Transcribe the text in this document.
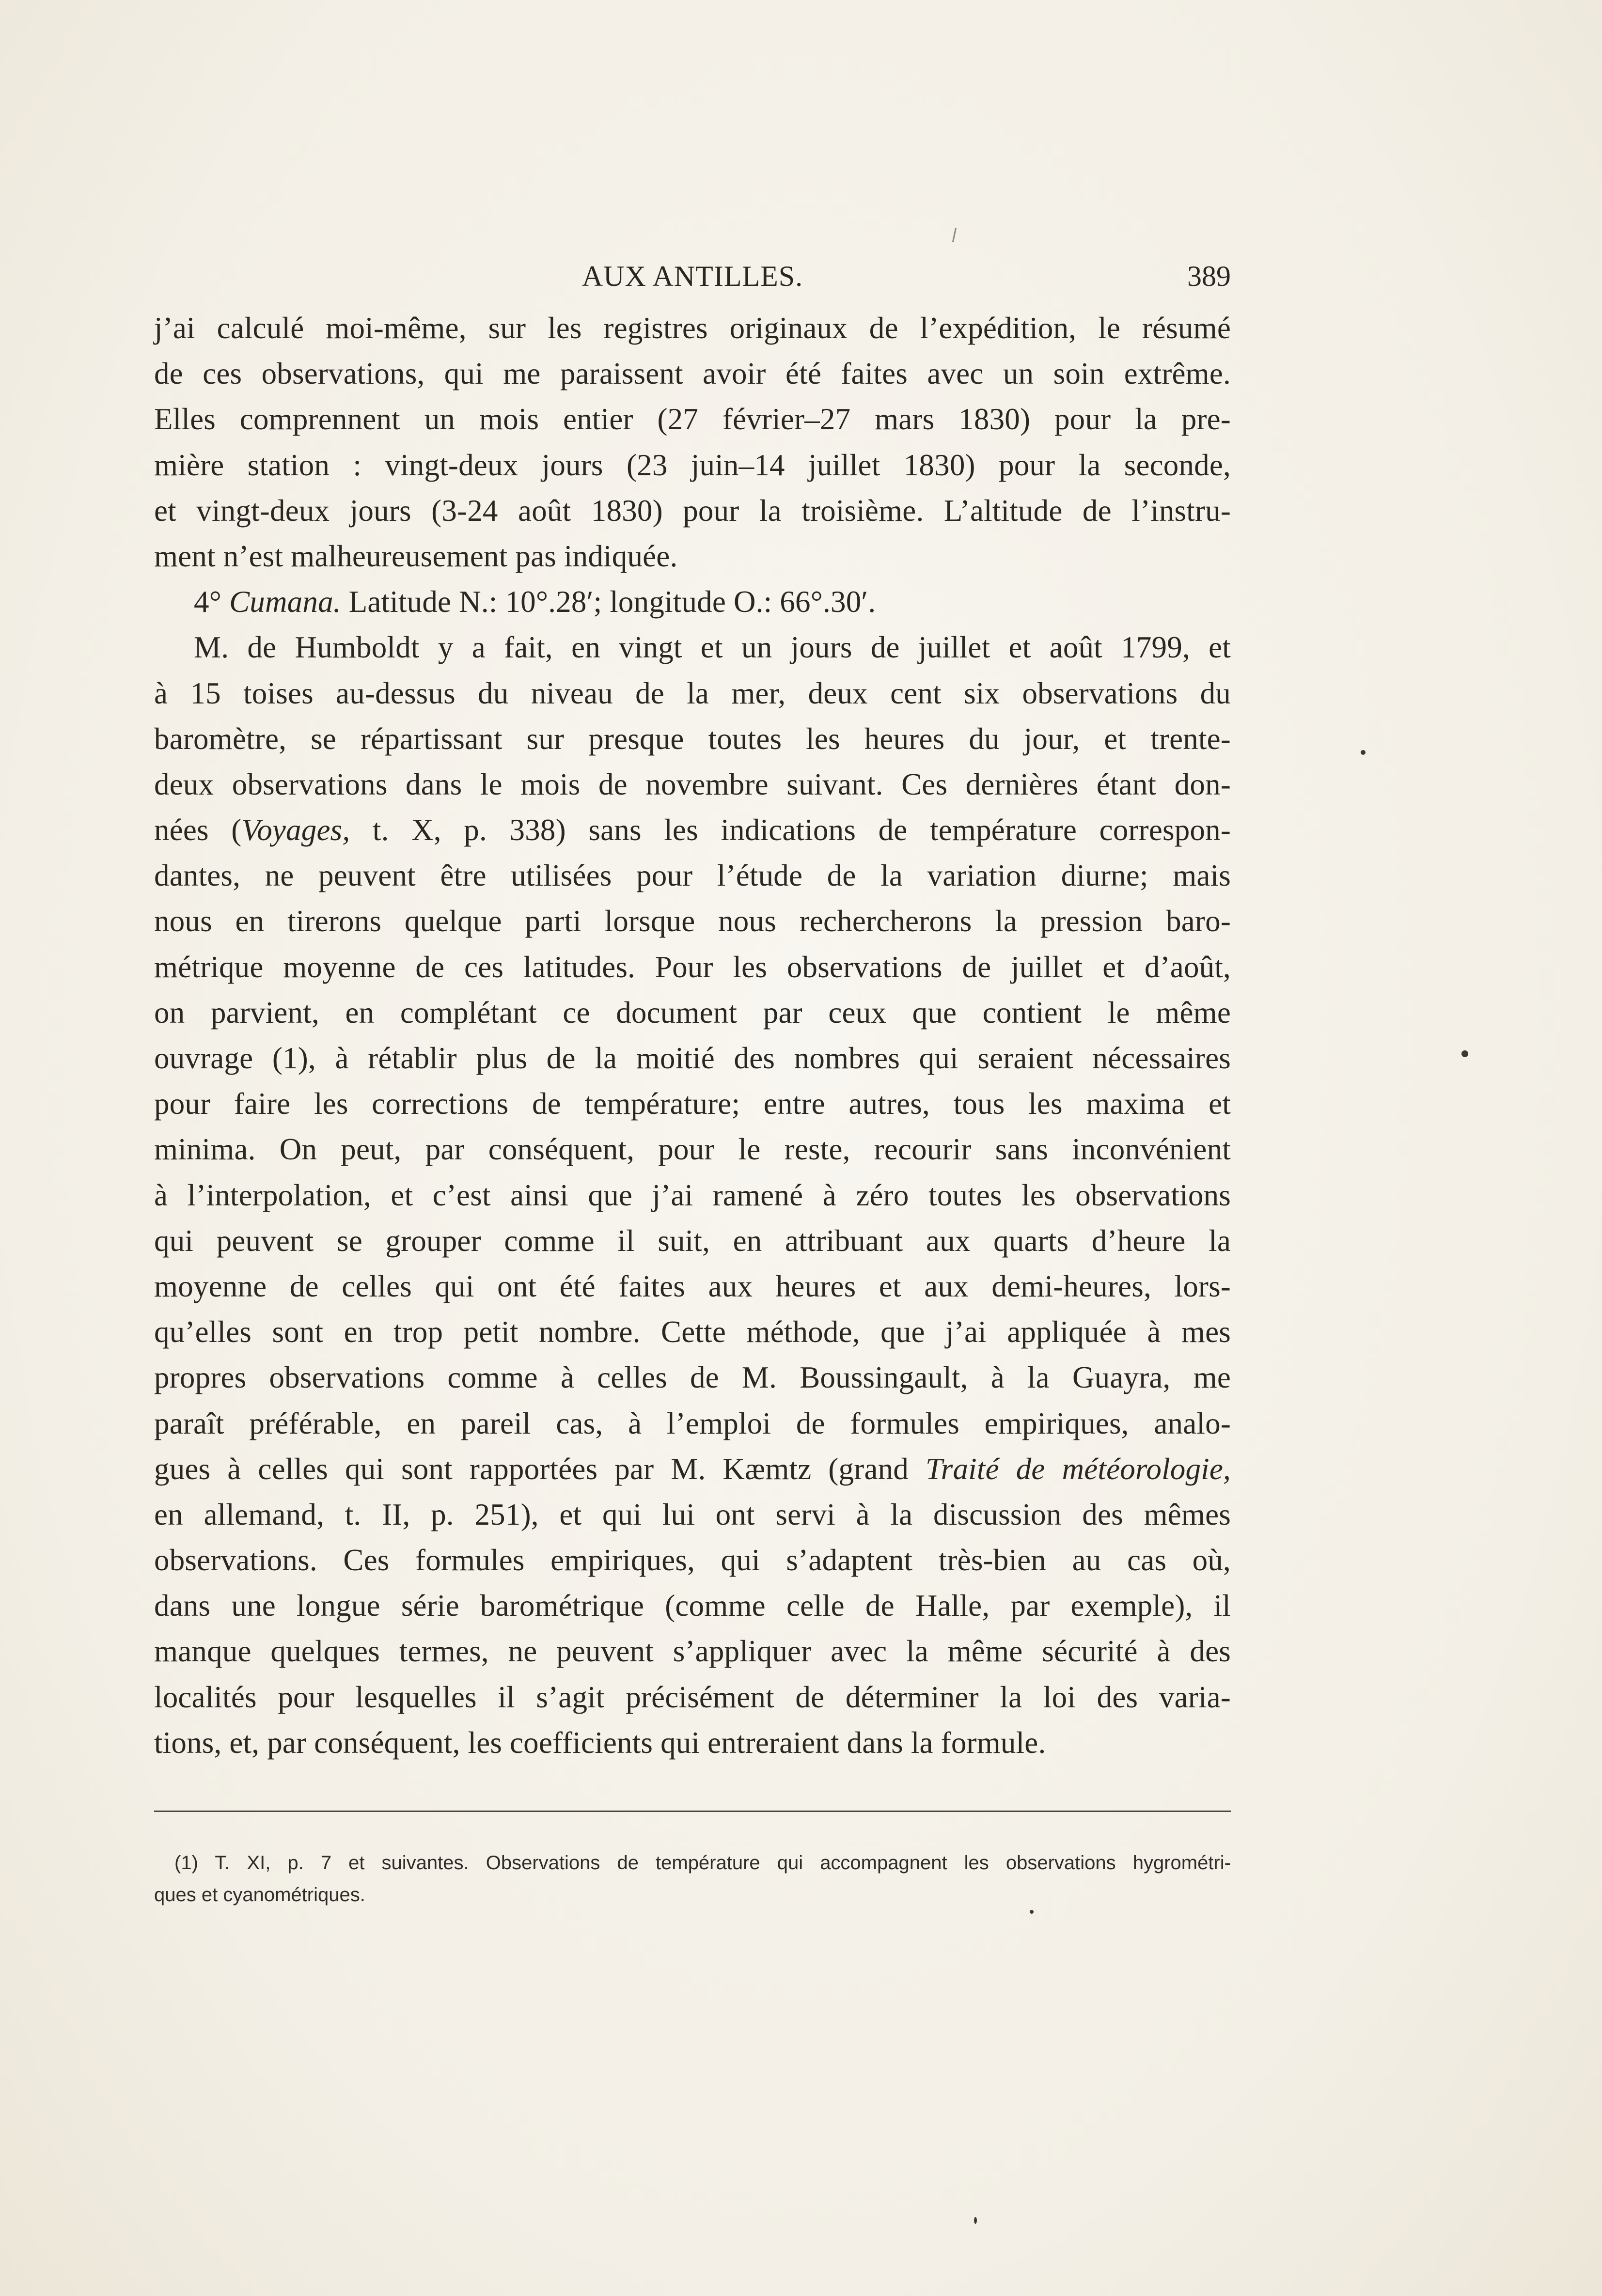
AUX ANTILLES.	389
j’ai calculé moi-même, sur les registres originaux de l’expédition, le résumé
de ces observations, qui me paraissent avoir été faites avec un soin extrême.
Elles comprennent un mois entier (27 février–27 mars 1830) pour la pre-
mière station : vingt-deux jours (23 juin–14 juillet 1830) pour la seconde,
et vingt-deux jours (3-24 août 1830) pour la troisième. L’altitude de l’instru-
ment n’est malheureusement pas indiquée.
4° Cumana. Latitude N.: 10°.28′; longitude O.: 66°.30′.
M. de Humboldt y a fait, en vingt et un jours de juillet et août 1799, et
à 15 toises au-dessus du niveau de la mer, deux cent six observations du
baromètre, se répartissant sur presque toutes les heures du jour, et trente-
deux observations dans le mois de novembre suivant. Ces dernières étant don-
nées (Voyages, t. X, p. 338) sans les indications de température correspon-
dantes, ne peuvent être utilisées pour l’étude de la variation diurne; mais
nous en tirerons quelque parti lorsque nous rechercherons la pression baro-
métrique moyenne de ces latitudes. Pour les observations de juillet et d’août,
on parvient, en complétant ce document par ceux que contient le même
ouvrage (1), à rétablir plus de la moitié des nombres qui seraient nécessaires
pour faire les corrections de température; entre autres, tous les maxima et
minima. On peut, par conséquent, pour le reste, recourir sans inconvénient
à l’interpolation, et c’est ainsi que j’ai ramené à zéro toutes les observations
qui peuvent se grouper comme il suit, en attribuant aux quarts d’heure la
moyenne de celles qui ont été faites aux heures et aux demi-heures, lors-
qu’elles sont en trop petit nombre. Cette méthode, que j’ai appliquée à mes
propres observations comme à celles de M. Boussingault, à la Guayra, me
paraît préférable, en pareil cas, à l’emploi de formules empiriques, analo-
gues à celles qui sont rapportées par M. Kæmtz (grand Traité de météorologie,
en allemand, t. II, p. 251), et qui lui ont servi à la discussion des mêmes
observations. Ces formules empiriques, qui s’adaptent très-bien au cas où,
dans une longue série barométrique (comme celle de Halle, par exemple), il
manque quelques termes, ne peuvent s’appliquer avec la même sécurité à des
localités pour lesquelles il s’agit précisément de déterminer la loi des varia-
tions, et, par conséquent, les coefficients qui entreraient dans la formule.
(1) T. XI, p. 7 et suivantes. Observations de température qui accompagnent les observations hygrométri-
ques et cyanométriques.
